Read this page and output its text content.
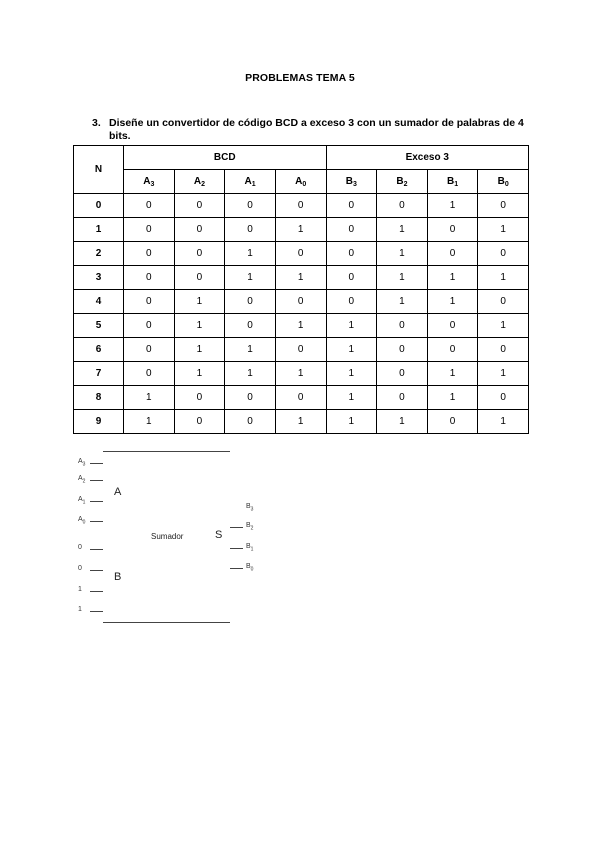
PROBLEMAS TEMA 5
3. Diseñe un convertidor de código BCD a exceso 3 con un sumador de palabras de 4 bits.
N	BCD				Exceso 3			
	$A_3$	$A_2$	$A_1$	$A_0$	$B_3$	$B_2$	$B_1$	$B_0$
0	0	0	0	0	0	0	1	0
1	0	0	0	1	0	1	0	1
2	0	0	1	0	0	1	0	0
3	0	0	1	1	0	1	1	1
4	0	1	0	0	0	1	1	0
5	0	1	0	1	1	0	0	1
6	0	1	1	0	1	0	0	0
7	0	1	1	1	1	0	1	1
8	1	0	0	0	1	0	1	0
9	1	0	0	1	1	1	0	1
$A_3$
$A_2$
$A_1$
$A_0$
0
0
1
1
A
B
Sumador	S
$B_3$
$B_2$
$B_1$
$B_0$
